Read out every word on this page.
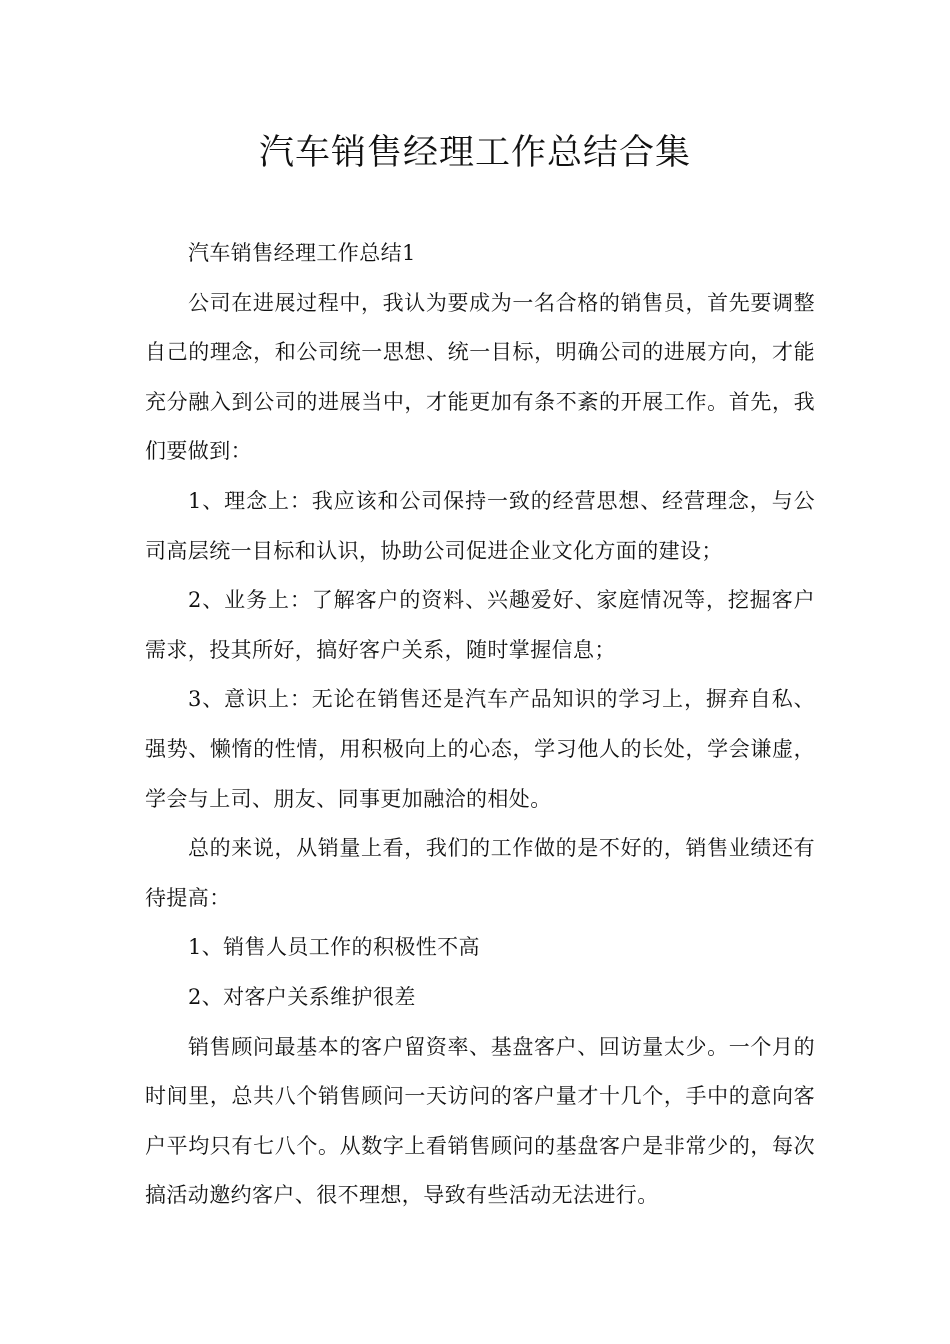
汽车销售经理工作总结合集

汽车销售经理工作总结1

公司在进展过程中，我认为要成为一名合格的销售员，首先要调整自己的理念，和公司统一思想、统一目标，明确公司的进展方向，才能充分融入到公司的进展当中，才能更加有条不紊的开展工作。首先，我们要做到：

1、理念上：我应该和公司保持一致的经营思想、经营理念，与公司高层统一目标和认识，协助公司促进企业文化方面的建设；

2、业务上：了解客户的资料、兴趣爱好、家庭情况等，挖掘客户需求，投其所好，搞好客户关系，随时掌握信息；

3、意识上：无论在销售还是汽车产品知识的学习上，摒弃自私、强势、懒惰的性情，用积极向上的心态，学习他人的长处，学会谦虚，学会与上司、朋友、同事更加融洽的相处。

总的来说，从销量上看，我们的工作做的是不好的，销售业绩还有待提高：

1、销售人员工作的积极性不高

2、对客户关系维护很差

销售顾问最基本的客户留资率、基盘客户、回访量太少。一个月的时间里，总共八个销售顾问一天访问的客户量才十几个，手中的意向客户平均只有七八个。从数字上看销售顾问的基盘客户是非常少的，每次搞活动邀约客户、很不理想，导致有些活动无法进行。
